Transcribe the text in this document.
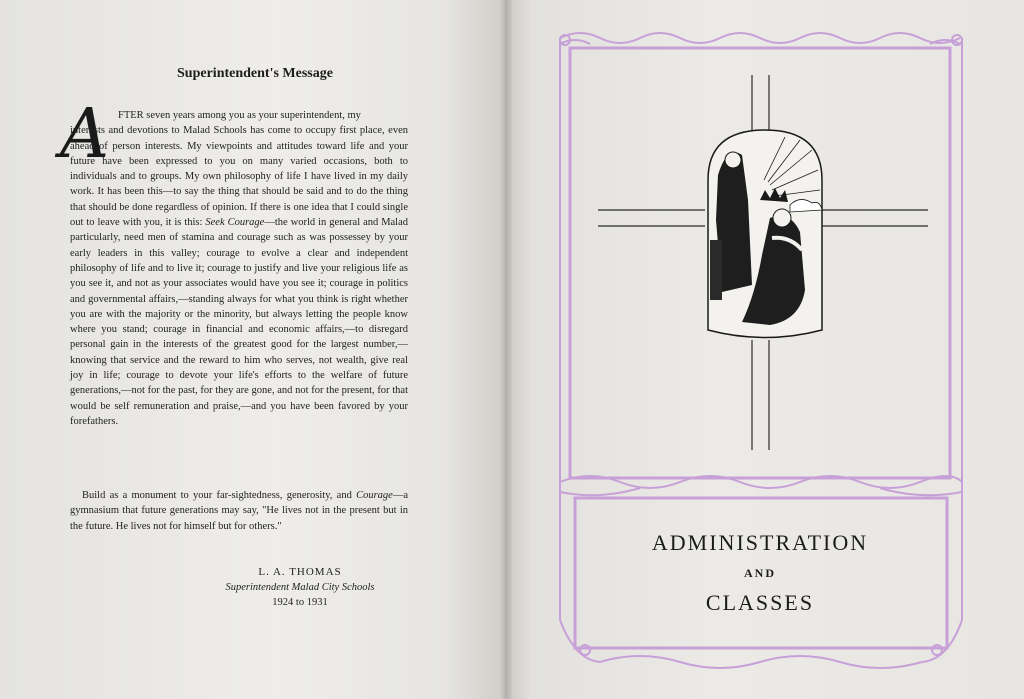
Superintendent's Message
A FTER seven years among you as your superintendent, my
interests and devotions to Malad Schools has come to occupy first place, even ahead of person interests. My viewpoints and attitudes toward life and your future have been expressed to you on many varied occasions, both to individuals and to groups. My own philosophy of life I have lived in my daily work. It has been this—to say the thing that should be said and to do the thing that should be done regardless of opinion. If there is one idea that I could single out to leave with you, it is this: Seek Courage—the world in general and Malad particularly, need men of stamina and courage such as was possessey by your early leaders in this valley; courage to evolve a clear and independent philosophy of life and to live it; courage to justify and live your religious life as you see it, and not as your associates would have you see it; courage in politics and governmental affairs,—standing always for what you think is right whether you are with the majority or the minority, but always letting the people know where you stand; courage in financial and economic affairs,—to disregard personal gain in the interests of the greatest good for the largest number,—knowing that service and the reward to him who serves, not wealth, give real joy in life; courage to devote your life's efforts to the welfare of future generations,—not for the past, for they are gone, and not for the present, for that would be self remuneration and praise,—and you have been favored by your forefathers.

Build as a monument to your far-sightedness, generosity, and Courage—a gymnasium that future generations may say, "He lives not in the present but in the future. He lives not for himself but for others."

L. A. THOMAS
Superintendent Malad City Schools
1924 to 1931
ADMINISTRATION
AND
CLASSES
